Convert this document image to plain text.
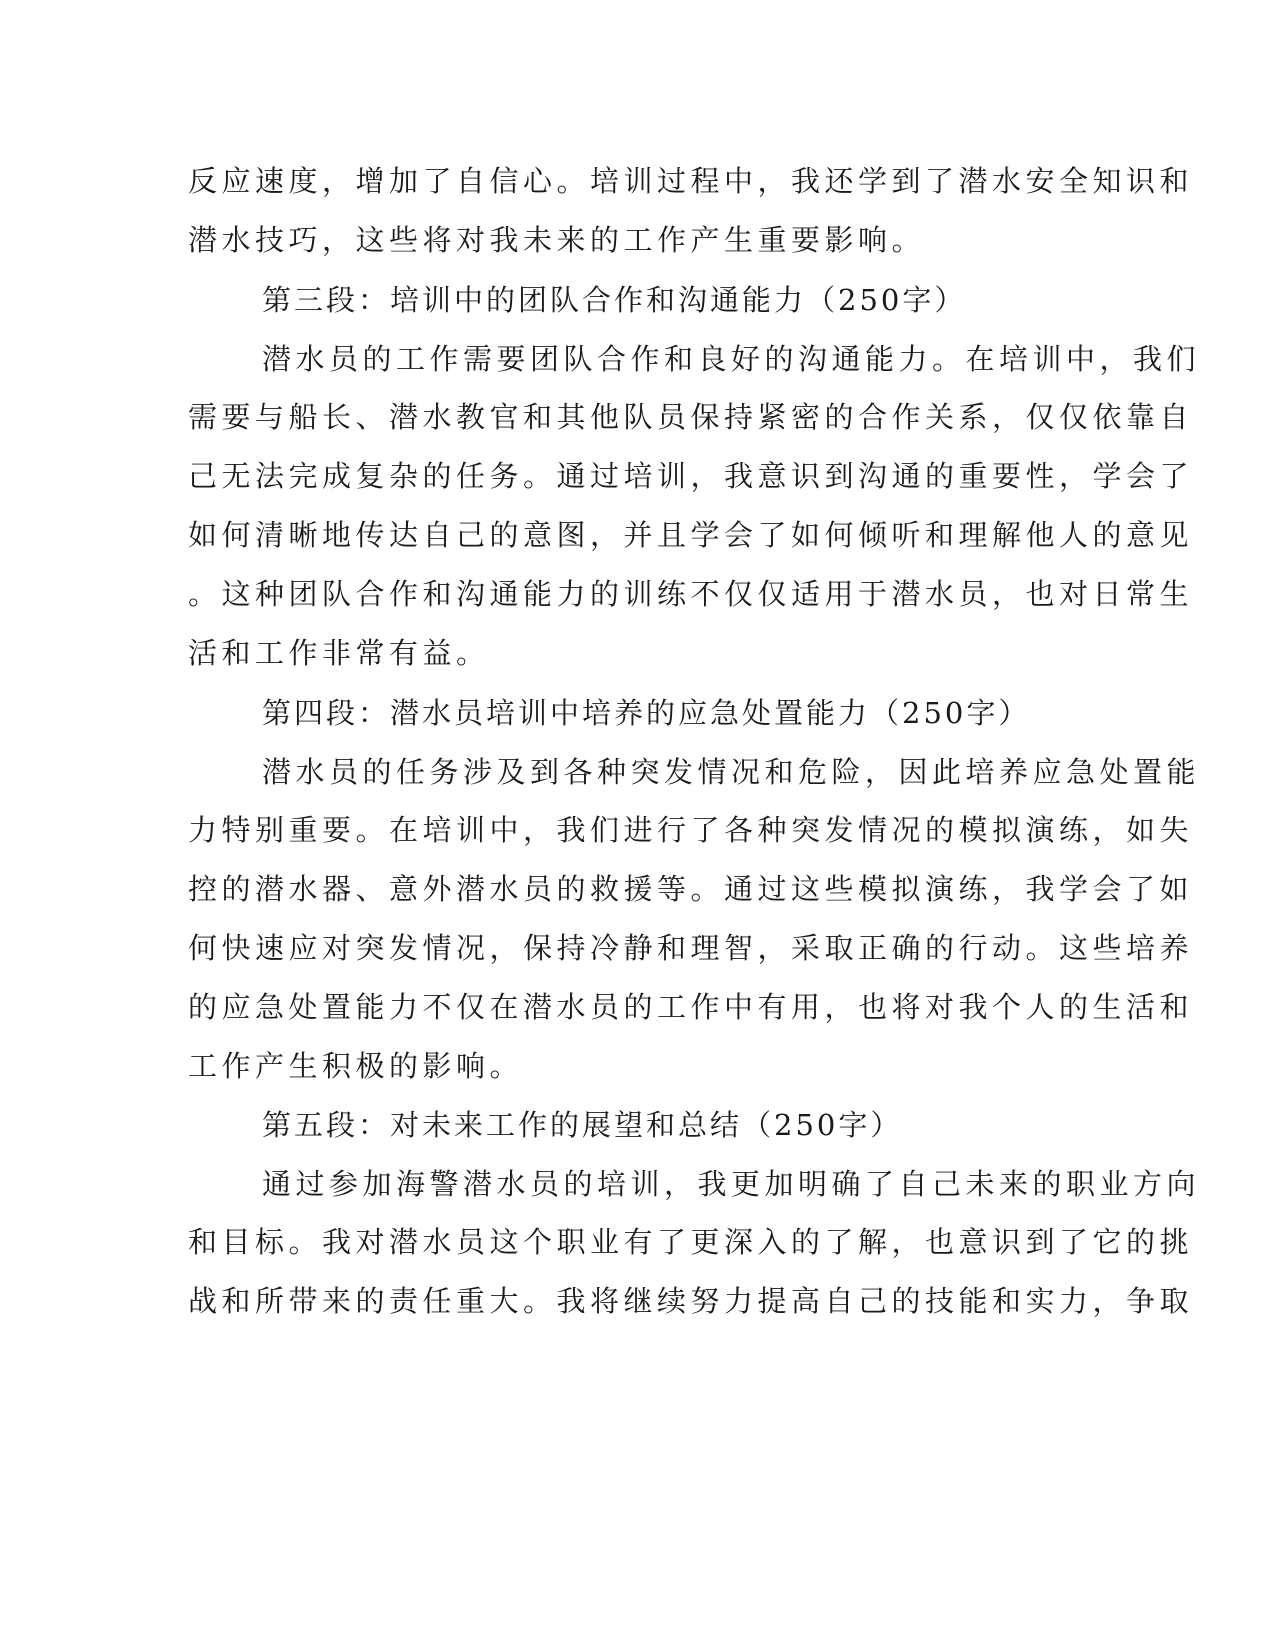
反应速度，增加了自信心。培训过程中，我还学到了潜水安全知识和

潜水技巧，这些将对我未来的工作产生重要影响。

第三段：培训中的团队合作和沟通能力（250字）

潜水员的工作需要团队合作和良好的沟通能力。在培训中，我们

需要与船长、潜水教官和其他队员保持紧密的合作关系，仅仅依靠自

己无法完成复杂的任务。通过培训，我意识到沟通的重要性，学会了

如何清晰地传达自己的意图，并且学会了如何倾听和理解他人的意见

。这种团队合作和沟通能力的训练不仅仅适用于潜水员，也对日常生

活和工作非常有益。

第四段：潜水员培训中培养的应急处置能力（250字）

潜水员的任务涉及到各种突发情况和危险，因此培养应急处置能

力特别重要。在培训中，我们进行了各种突发情况的模拟演练，如失

控的潜水器、意外潜水员的救援等。通过这些模拟演练，我学会了如

何快速应对突发情况，保持冷静和理智，采取正确的行动。这些培养

的应急处置能力不仅在潜水员的工作中有用，也将对我个人的生活和

工作产生积极的影响。

第五段：对未来工作的展望和总结（250字）

通过参加海警潜水员的培训，我更加明确了自己未来的职业方向

和目标。我对潜水员这个职业有了更深入的了解，也意识到了它的挑

战和所带来的责任重大。我将继续努力提高自己的技能和实力，争取
